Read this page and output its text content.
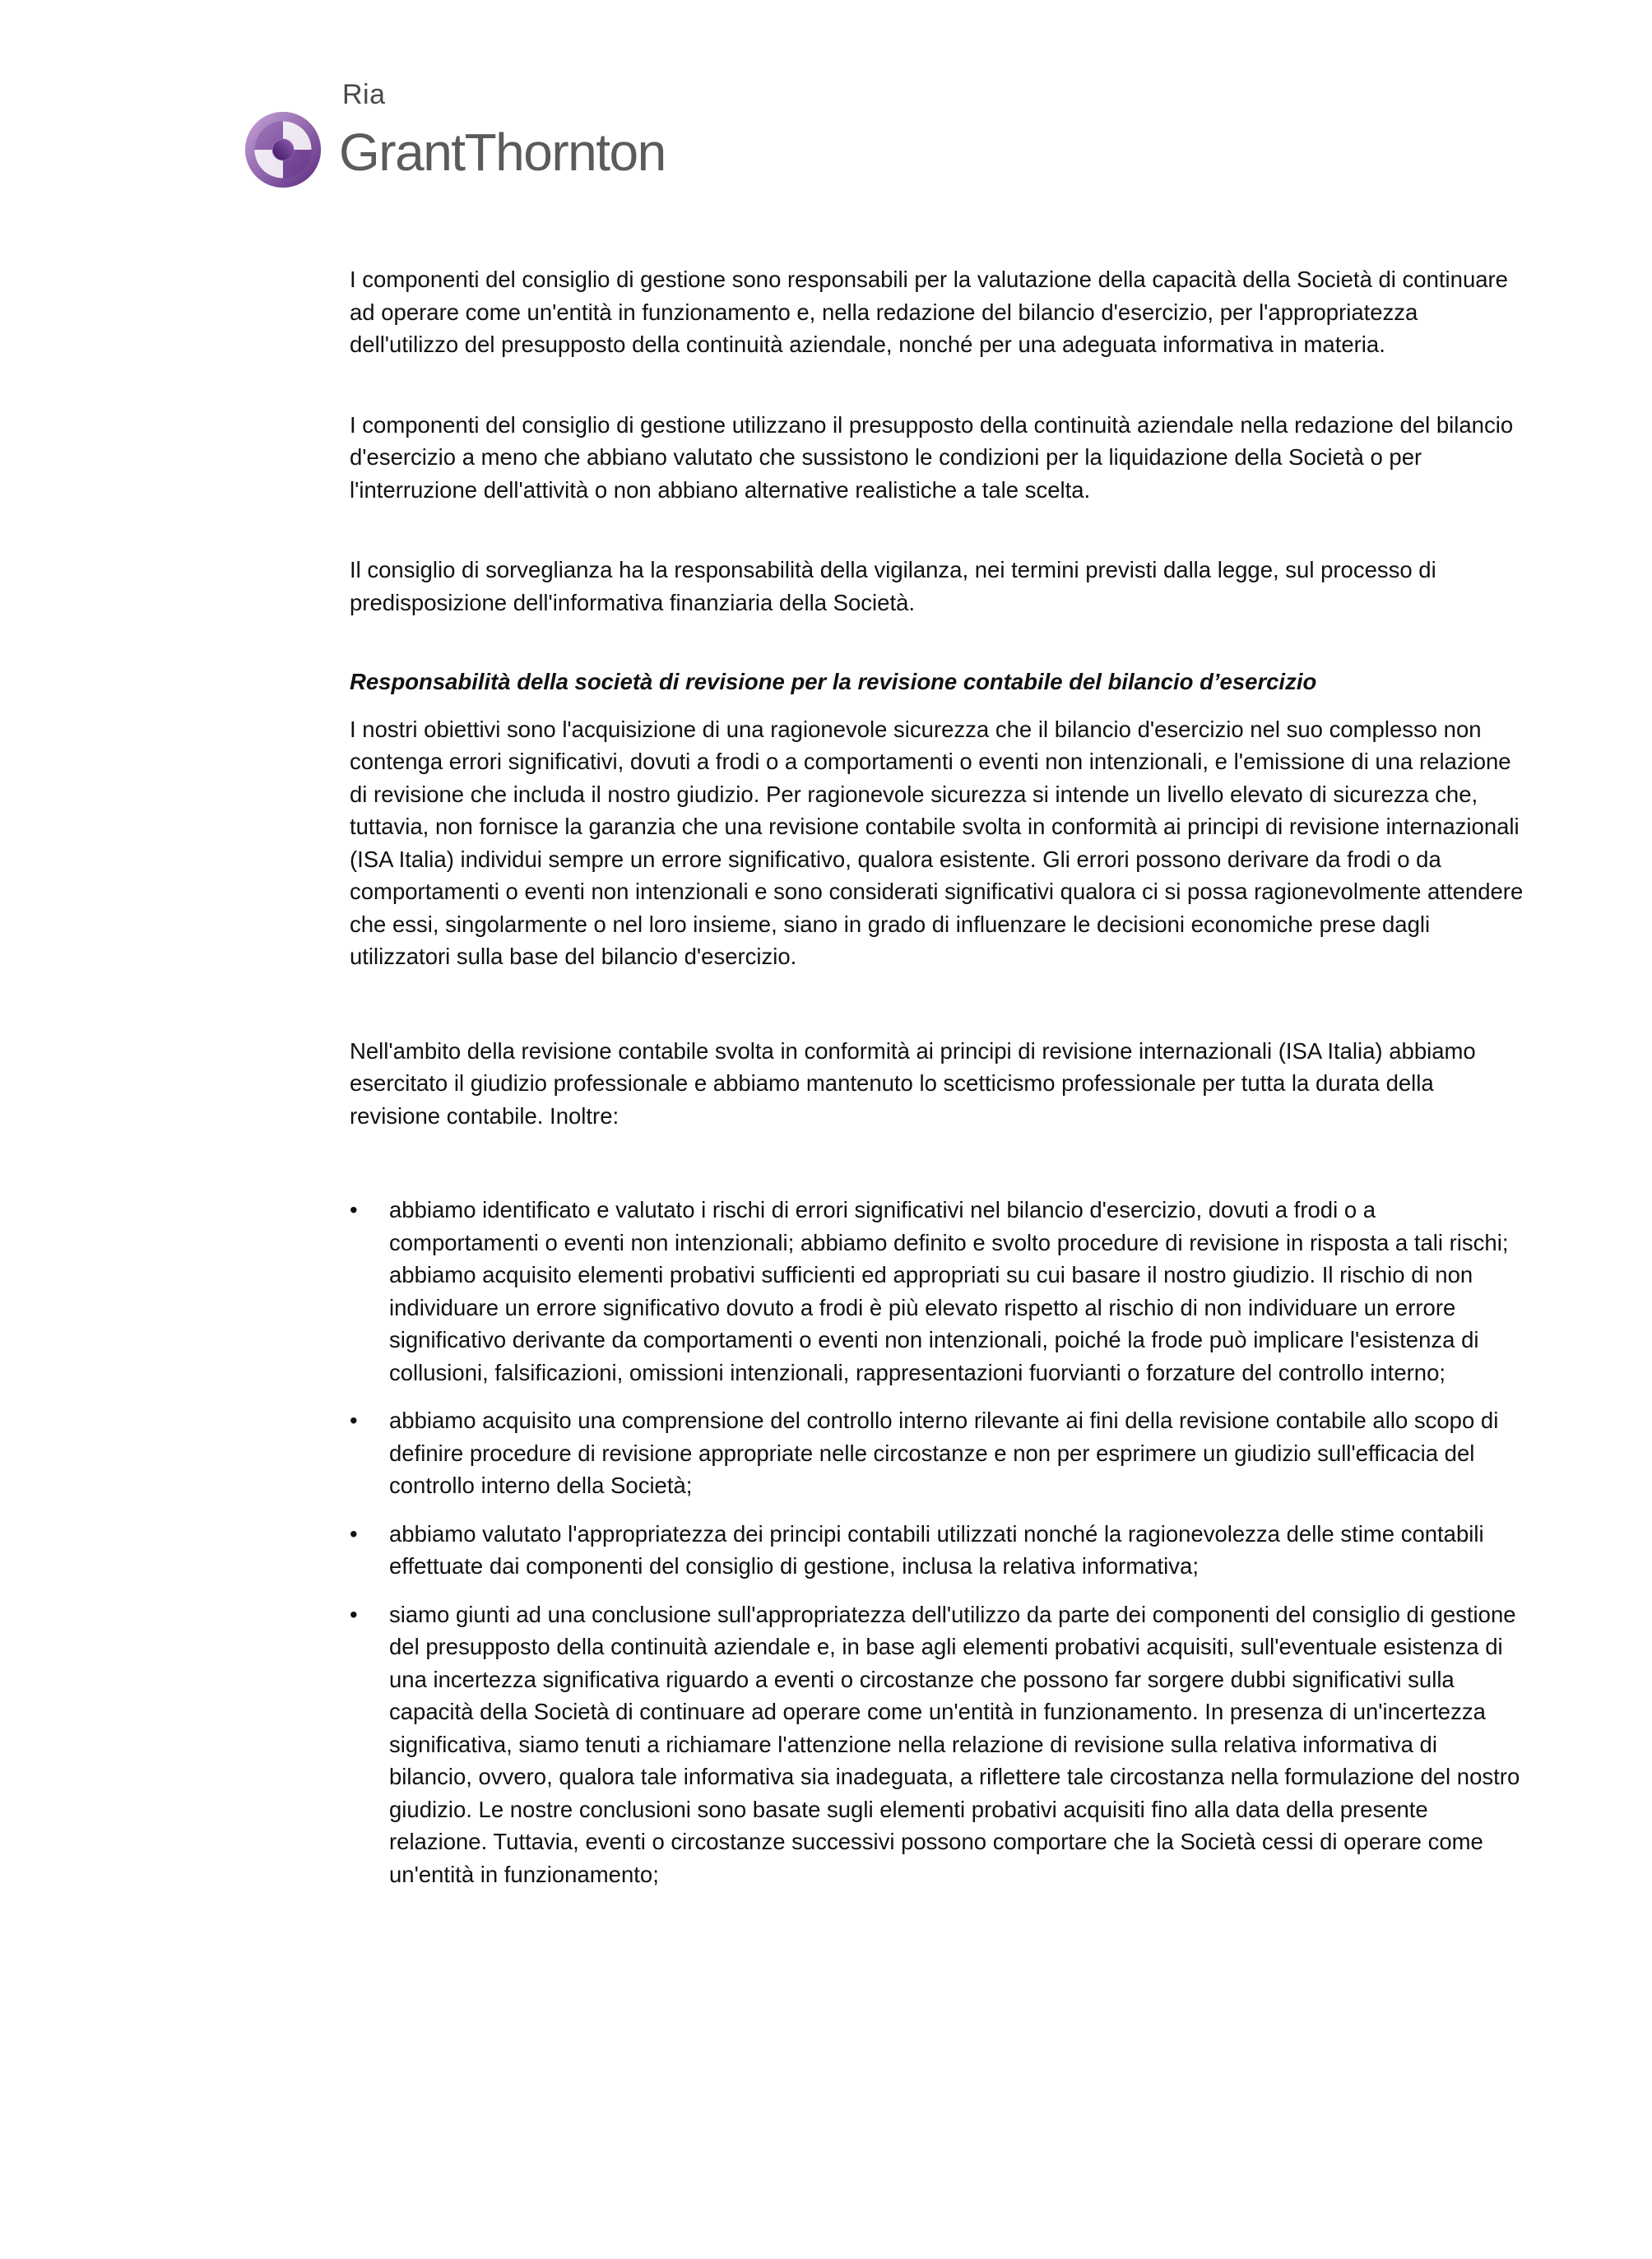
Ria
GrantThornton

I componenti del consiglio di gestione sono responsabili per la valutazione della capacità della Società di continuare ad operare come un'entità in funzionamento e, nella redazione del bilancio d'esercizio, per l'appropriatezza dell'utilizzo del presupposto della continuità aziendale, nonché per una adeguata informativa in materia.

I componenti del consiglio di gestione utilizzano il presupposto della continuità aziendale nella redazione del bilancio d'esercizio a meno che abbiano valutato che sussistono le condizioni per la liquidazione della Società o per l'interruzione dell'attività o non abbiano alternative realistiche a tale scelta.

Il consiglio di sorveglianza ha la responsabilità della vigilanza, nei termini previsti dalla legge, sul processo di predisposizione dell'informativa finanziaria della Società.

Responsabilità della società di revisione per la revisione contabile del bilancio d’esercizio

I nostri obiettivi sono l'acquisizione di una ragionevole sicurezza che il bilancio d'esercizio nel suo complesso non contenga errori significativi, dovuti a frodi o a comportamenti o eventi non intenzionali, e l'emissione di una relazione di revisione che includa il nostro giudizio. Per ragionevole sicurezza si intende un livello elevato di sicurezza che, tuttavia, non fornisce la garanzia che una revisione contabile svolta in conformità ai principi di revisione internazionali (ISA Italia) individui sempre un errore significativo, qualora esistente. Gli errori possono derivare da frodi o da comportamenti o eventi non intenzionali e sono considerati significativi qualora ci si possa ragionevolmente attendere che essi, singolarmente o nel loro insieme, siano in grado di influenzare le decisioni economiche prese dagli utilizzatori sulla base del bilancio d'esercizio.

Nell'ambito della revisione contabile svolta in conformità ai principi di revisione internazionali (ISA Italia) abbiamo esercitato il giudizio professionale e abbiamo mantenuto lo scetticismo professionale per tutta la durata della revisione contabile. Inoltre:

• abbiamo identificato e valutato i rischi di errori significativi nel bilancio d'esercizio, dovuti a frodi o a comportamenti o eventi non intenzionali; abbiamo definito e svolto procedure di revisione in risposta a tali rischi; abbiamo acquisito elementi probativi sufficienti ed appropriati su cui basare il nostro giudizio. Il rischio di non individuare un errore significativo dovuto a frodi è più elevato rispetto al rischio di non individuare un errore significativo derivante da comportamenti o eventi non intenzionali, poiché la frode può implicare l'esistenza di collusioni, falsificazioni, omissioni intenzionali, rappresentazioni fuorvianti o forzature del controllo interno;
• abbiamo acquisito una comprensione del controllo interno rilevante ai fini della revisione contabile allo scopo di definire procedure di revisione appropriate nelle circostanze e non per esprimere un giudizio sull'efficacia del controllo interno della Società;
• abbiamo valutato l'appropriatezza dei principi contabili utilizzati nonché la ragionevolezza delle stime contabili effettuate dai componenti del consiglio di gestione, inclusa la relativa informativa;
• siamo giunti ad una conclusione sull'appropriatezza dell'utilizzo da parte dei componenti del consiglio di gestione del presupposto della continuità aziendale e, in base agli elementi probativi acquisiti, sull'eventuale esistenza di una incertezza significativa riguardo a eventi o circostanze che possono far sorgere dubbi significativi sulla capacità della Società di continuare ad operare come un'entità in funzionamento. In presenza di un'incertezza significativa, siamo tenuti a richiamare l'attenzione nella relazione di revisione sulla relativa informativa di bilancio, ovvero, qualora tale informativa sia inadeguata, a riflettere tale circostanza nella formulazione del nostro giudizio. Le nostre conclusioni sono basate sugli elementi probativi acquisiti fino alla data della presente relazione. Tuttavia, eventi o circostanze successivi possono comportare che la Società cessi di operare come un'entità in funzionamento;
